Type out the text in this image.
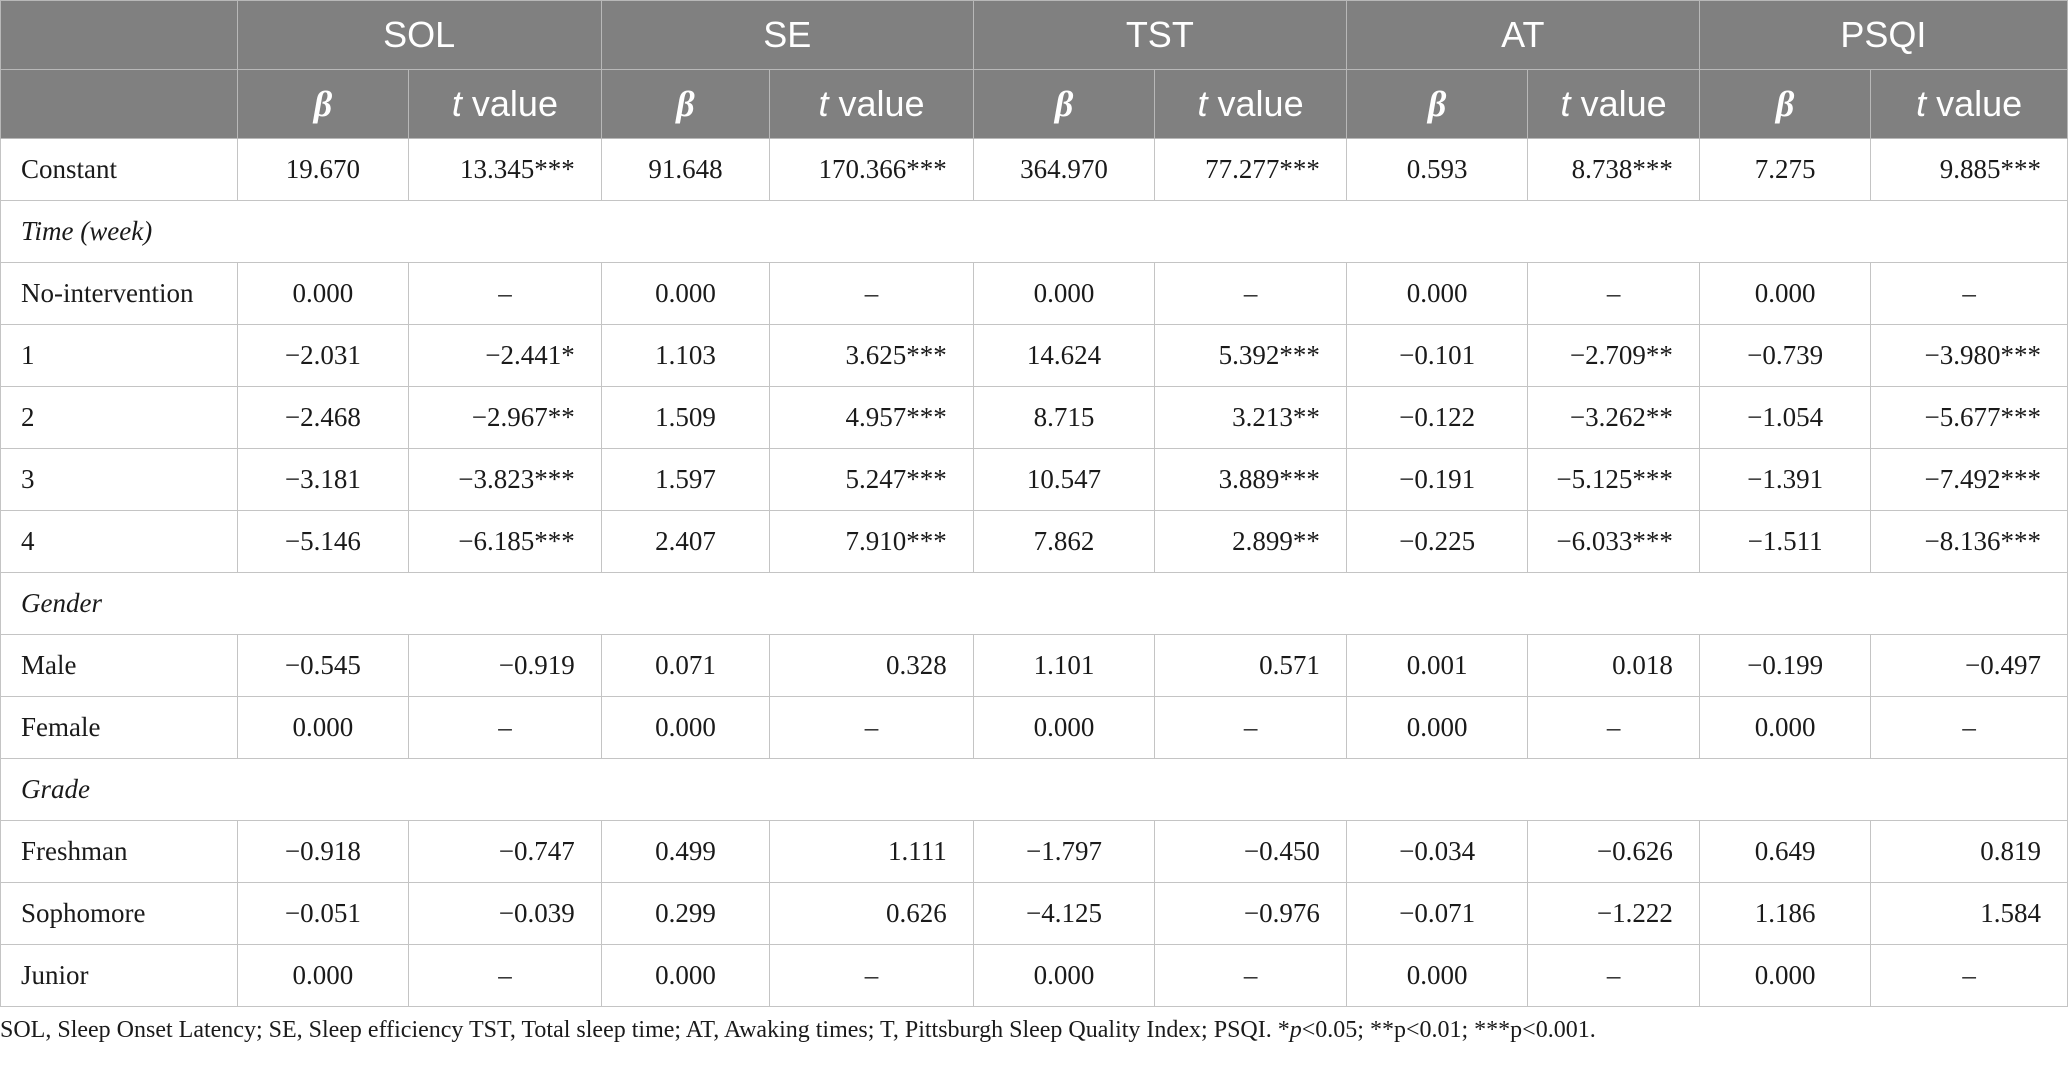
	SOL		SE		TST		AT		PSQI	
	β	t value	β	t value	β	t value	β	t value	β	t value
Constant	19.670	13.345***	91.648	170.366***	364.970	77.277***	0.593	8.738***	7.275	9.885***
Time (week)										
No-intervention	0.000	–	0.000	–	0.000	–	0.000	–	0.000	–
1	−2.031	−2.441*	1.103	3.625***	14.624	5.392***	−0.101	−2.709**	−0.739	−3.980***
2	−2.468	−2.967**	1.509	4.957***	8.715	3.213**	−0.122	−3.262**	−1.054	−5.677***
3	−3.181	−3.823***	1.597	5.247***	10.547	3.889***	−0.191	−5.125***	−1.391	−7.492***
4	−5.146	−6.185***	2.407	7.910***	7.862	2.899**	−0.225	−6.033***	−1.511	−8.136***
Gender										
Male	−0.545	−0.919	0.071	0.328	1.101	0.571	0.001	0.018	−0.199	−0.497
Female	0.000	–	0.000	–	0.000	–	0.000	–	0.000	–
Grade										
Freshman	−0.918	−0.747	0.499	1.111	−1.797	−0.450	−0.034	−0.626	0.649	0.819
Sophomore	−0.051	−0.039	0.299	0.626	−4.125	−0.976	−0.071	−1.222	1.186	1.584
Junior	0.000	–	0.000	–	0.000	–	0.000	–	0.000	–

SOL, Sleep Onset Latency; SE, Sleep efficiency TST, Total sleep time; AT, Awaking times; T, Pittsburgh Sleep Quality Index; PSQI. *p<0.05; **p<0.01; ***p<0.001.
